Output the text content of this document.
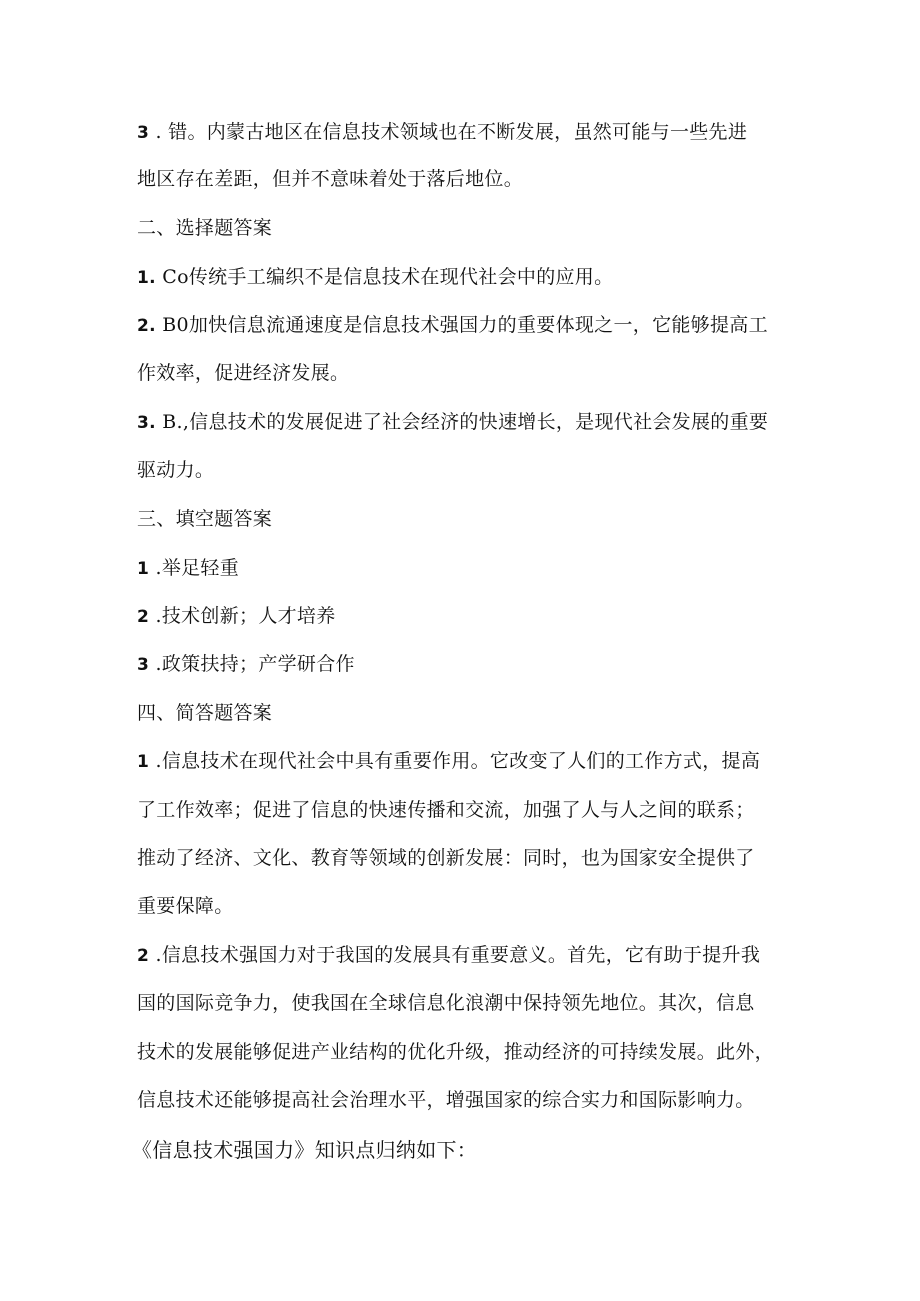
3 . 错。内蒙古地区在信息技术领域也在不断发展，虽然可能与一些先进
地区存在差距，但并不意味着处于落后地位。
二、选择题答案
1. Co传统手工编织不是信息技术在现代社会中的应用。
2. B0加快信息流通速度是信息技术强国力的重要体现之一，它能够提高工
作效率，促进经济发展。
3. B.,信息技术的发展促进了社会经济的快速增长，是现代社会发展的重要
驱动力。
三、填空题答案
1 .举足轻重
2 .技术创新；人才培养
3 .政策扶持；产学研合作
四、简答题答案
1 .信息技术在现代社会中具有重要作用。它改变了人们的工作方式，提高
了工作效率；促进了信息的快速传播和交流，加强了人与人之间的联系；
推动了经济、文化、教育等领域的创新发展：同时，也为国家安全提供了
重要保障。
2 .信息技术强国力对于我国的发展具有重要意义。首先，它有助于提升我
国的国际竞争力，使我国在全球信息化浪潮中保持领先地位。其次，信息
技术的发展能够促进产业结构的优化升级，推动经济的可持续发展。此外，
信息技术还能够提高社会治理水平，增强国家的综合实力和国际影响力。
《信息技术强国力》知识点归纳如下：
